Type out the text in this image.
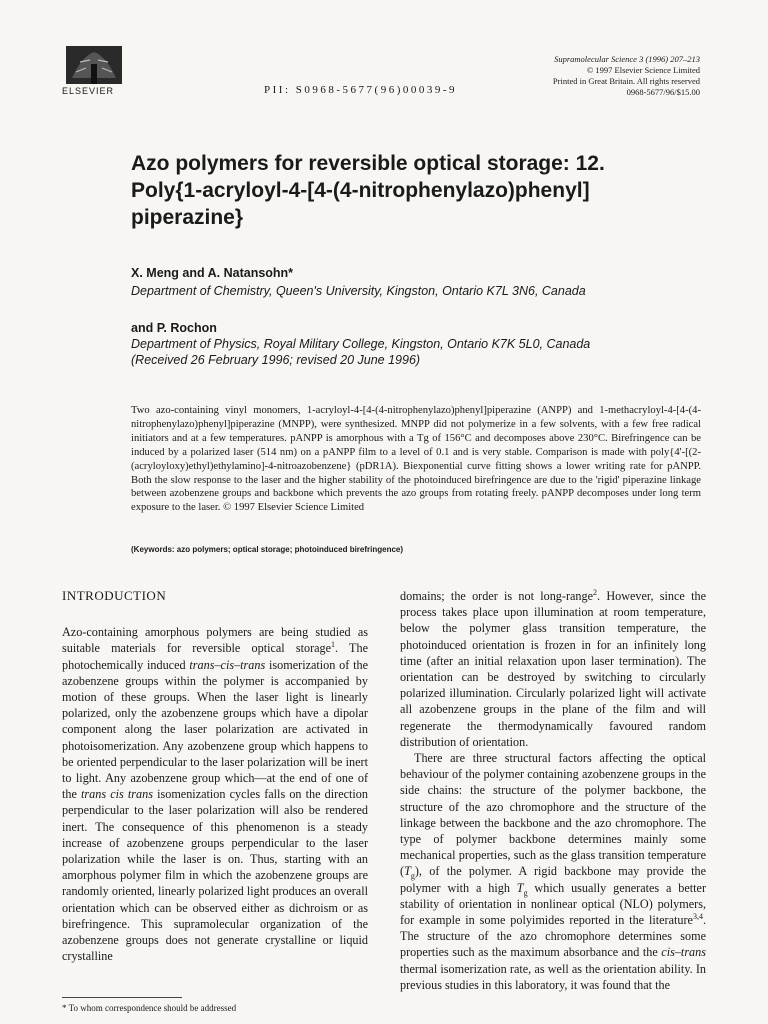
ELSEVIER	PII: S0968-5677(96)00039-9
Supramolecular Science 3 (1996) 207–213
© 1997 Elsevier Science Limited
Printed in Great Britain. All rights reserved
0968-5677/96/$15.00
Azo polymers for reversible optical storage: 12.
Poly{1-acryloyl-4-[4-(4-nitrophenylazo)phenyl]
piperazine}
X. Meng and A. Natansohn*
Department of Chemistry, Queen's University, Kingston, Ontario K7L 3N6, Canada
and P. Rochon
Department of Physics, Royal Military College, Kingston, Ontario K7K 5L0, Canada
(Received 26 February 1996; revised 20 June 1996)
Two azo-containing vinyl monomers, 1-acryloyl-4-[4-(4-nitrophenylazo)phenyl]piperazine (ANPP) and 1-methacryloyl-4-[4-(4-nitrophenylazo)phenyl]piperazine (MNPP), were synthesized. MNPP did not polymerize in a few solvents, with a few free radical initiators and at a few temperatures. pANPP is amorphous with a Tg of 156°C and decomposes above 230°C. Birefringence can be induced by a polarized laser (514 nm) on a pANPP film to a level of 0.1 and is very stable. Comparison is made with poly{4'-[(2-(acryloyloxy)ethyl)ethylamino]-4-nitroazobenzene} (pDR1A). Biexponential curve fitting shows a lower writing rate for pANPP. Both the slow response to the laser and the higher stability of the photoinduced birefringence are due to the 'rigid' piperazine linkage between azobenzene groups and backbone which prevents the azo groups from rotating freely. pANPP decomposes under long term exposure to the laser. © 1997 Elsevier Science Limited
(Keywords: azo polymers; optical storage; photoinduced birefringence)

INTRODUCTION

Azo-containing amorphous polymers are being studied as suitable materials for reversible optical storage$^1$. The photochemically induced trans–cis–trans isomerization of the azobenzene groups within the polymer is accompanied by motion of these groups. When the laser light is linearly polarized, only the azobenzene groups which have a dipolar component along the laser polarization are activated in photoisomerization. Any azobenzene group which happens to be oriented perpendicular to the laser polarization will be inert to light. Any azobenzene group which—at the end of one of the trans cis trans isomenization cycles falls on the direction perpendicular to the laser polarization will also be rendered inert. The consequence of this phenomenon is a steady increase of azobenzene groups perpendicular to the laser polarization while the laser is on. Thus, starting with an amorphous polymer film in which the azobenzene groups are randomly oriented, linearly polarized light produces an overall orientation which can be observed either as dichroism or as birefringence. This supramolecular organization of the azobenzene groups does not generate crystalline or liquid crystalline

domains; the order is not long-range$^2$. However, since the process takes place upon illumination at room temperature, below the polymer glass transition temperature, the photoinduced orientation is frozen in for an infinitely long time (after an initial relaxation upon laser termination). The orientation can be destroyed by switching to circularly polarized illumination. Circularly polarized light will activate all azobenzene groups in the plane of the film and will regenerate the thermodynamically favoured random distribution of orientation.

There are three structural factors affecting the optical behaviour of the polymer containing azobenzene groups in the side chains: the structure of the polymer backbone, the structure of the azo chromophore and the structure of the linkage between the backbone and the azo chromophore. The type of polymer backbone determines mainly some mechanical properties, such as the glass transition temperature $(T_g)$, of the polymer. A rigid backbone may provide the polymer with a high $T_g$ which usually generates a better stability of orientation in nonlinear optical (NLO) polymers, for example in some polyimides reported in the literature$^{3,4}$. The structure of the azo chromophore determines some properties such as the maximum absorbance and the cis–trans thermal isomerization rate, as well as the orientation ability. In previous studies in this laboratory, it was found that the

* To whom correspondence should be addressed
